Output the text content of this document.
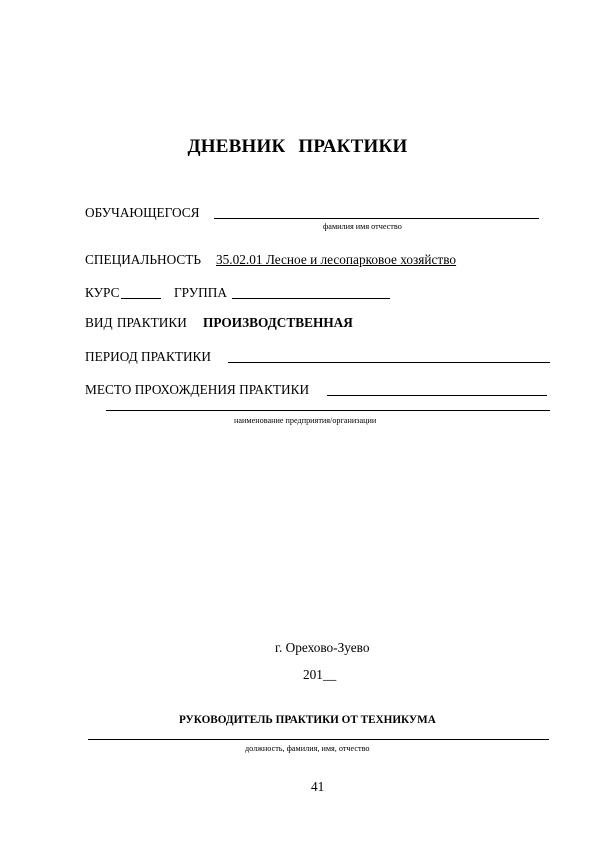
ДНЕВНИК ПРАКТИКИ
ОБУЧАЮЩЕГОСЯ
фамилия имя отчество
СПЕЦИАЛЬНОСТЬ 35.02.01 Лесное и лесопарковое хозяйство
КУРС	ГРУППА
ВИД ПРАКТИКИ ПРОИЗВОДСТВЕННАЯ
ПЕРИОД ПРАКТИКИ
МЕСТО ПРОХОЖДЕНИЯ ПРАКТИКИ
наименование предприятия/организации
г. Орехово-Зуево
201__
РУКОВОДИТЕЛЬ ПРАКТИКИ ОТ ТЕХНИКУМА
должность, фамилия, имя, отчество
41
